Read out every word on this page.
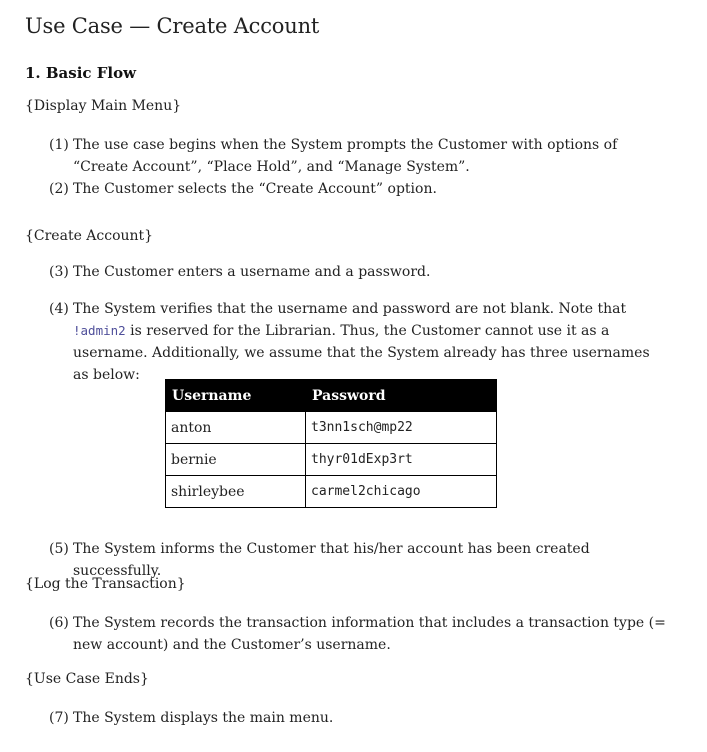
Use Case — Create Account
1. Basic Flow
{Display Main Menu}
(1) The use case begins when the System prompts the Customer with options of “Create Account”, “Place Hold”, and “Manage System”.
(2) The Customer selects the “Create Account” option.
{Create Account}
(3) The Customer enters a username and a password.
(4) The System verifies that the username and password are not blank. Note that
!admin2 is reserved for the Librarian. Thus, the Customer cannot use it as a username. Additionally, we assume that the System already has three usernames as below:
Username	Password
anton	t3nn1sch@mp22
bernie	thyr01dExp3rt
shirleybee	carmel2chicago
(5) The System informs the Customer that his/her account has been created successfully.
{Log the Transaction}
(6) The System records the transaction information that includes a transaction type (= new account) and the Customer’s username.
{Use Case Ends}
(7) The System displays the main menu.
